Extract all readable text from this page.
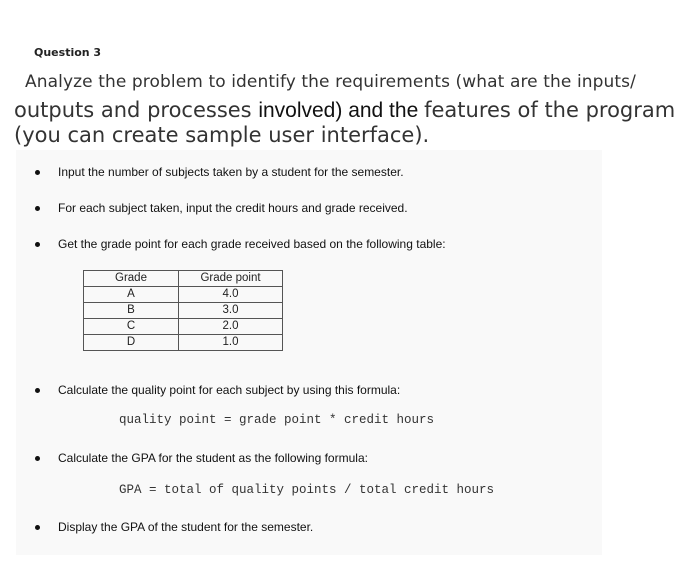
Question 3
Analyze the problem to identify the requirements (what are the inputs/
outputs and processes involved) and the features of the program
(you can create sample user interface).
Input the number of subjects taken by a student for the semester.
For each subject taken, input the credit hours and grade received.
Get the grade point for each grade received based on the following table:
Grade	Grade point
A	4.0
B	3.0
C	2.0
D	1.0
Calculate the quality point for each subject by using this formula:
quality point = grade point * credit hours
Calculate the GPA for the student as the following formula:
GPA = total of quality points / total credit hours
Display the GPA of the student for the semester.
